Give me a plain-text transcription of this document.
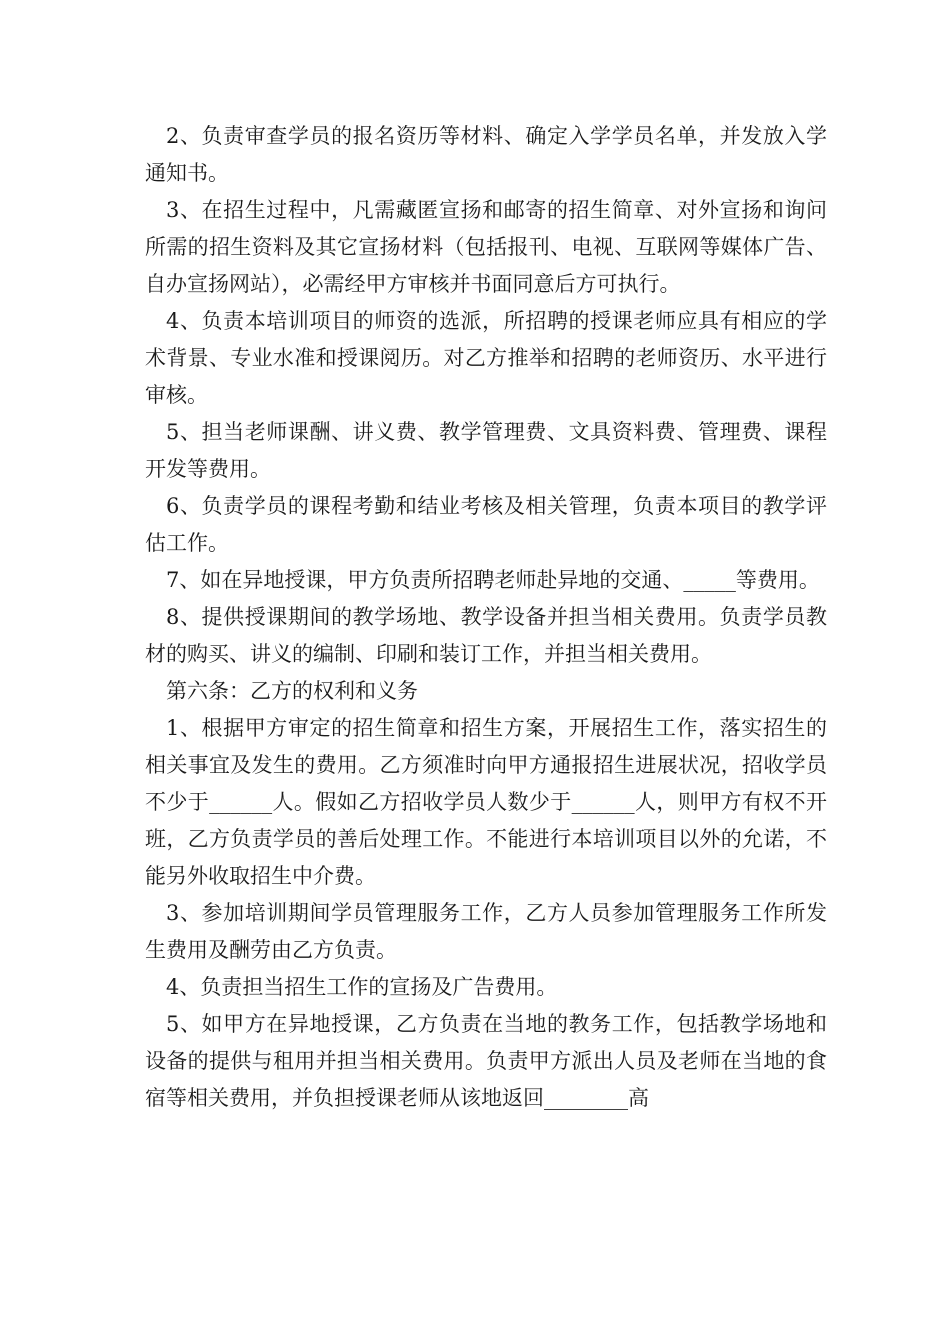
2、负责审查学员的报名资历等材料、确定入学学员名单，并发放入学通知书。

3、在招生过程中，凡需藏匿宣扬和邮寄的招生简章、对外宣扬和询问所需的招生资料及其它宣扬材料（包括报刊、电视、互联网等媒体广告、自办宣扬网站），必需经甲方审核并书面同意后方可执行。

4、负责本培训项目的师资的选派，所招聘的授课老师应具有相应的学术背景、专业水准和授课阅历。对乙方推举和招聘的老师资历、水平进行审核。

5、担当老师课酬、讲义费、教学管理费、文具资料费、管理费、课程开发等费用。

6、负责学员的课程考勤和结业考核及相关管理，负责本项目的教学评估工作。

7、如在异地授课，甲方负责所招聘老师赴异地的交通、_____等费用。

8、提供授课期间的教学场地、教学设备并担当相关费用。负责学员教材的购买、讲义的编制、印刷和装订工作，并担当相关费用。

第六条：乙方的权利和义务

1、根据甲方审定的招生简章和招生方案，开展招生工作，落实招生的相关事宜及发生的费用。乙方须准时向甲方通报招生进展状况，招收学员不少于______人。假如乙方招收学员人数少于______人，则甲方有权不开班，乙方负责学员的善后处理工作。不能进行本培训项目以外的允诺，不能另外收取招生中介费。

3、参加培训期间学员管理服务工作，乙方人员参加管理服务工作所发生费用及酬劳由乙方负责。

4、负责担当招生工作的宣扬及广告费用。

5、如甲方在异地授课，乙方负责在当地的教务工作，包括教学场地和设备的提供与租用并担当相关费用。负责甲方派出人员及老师在当地的食宿等相关费用，并负担授课老师从该地返回________高
